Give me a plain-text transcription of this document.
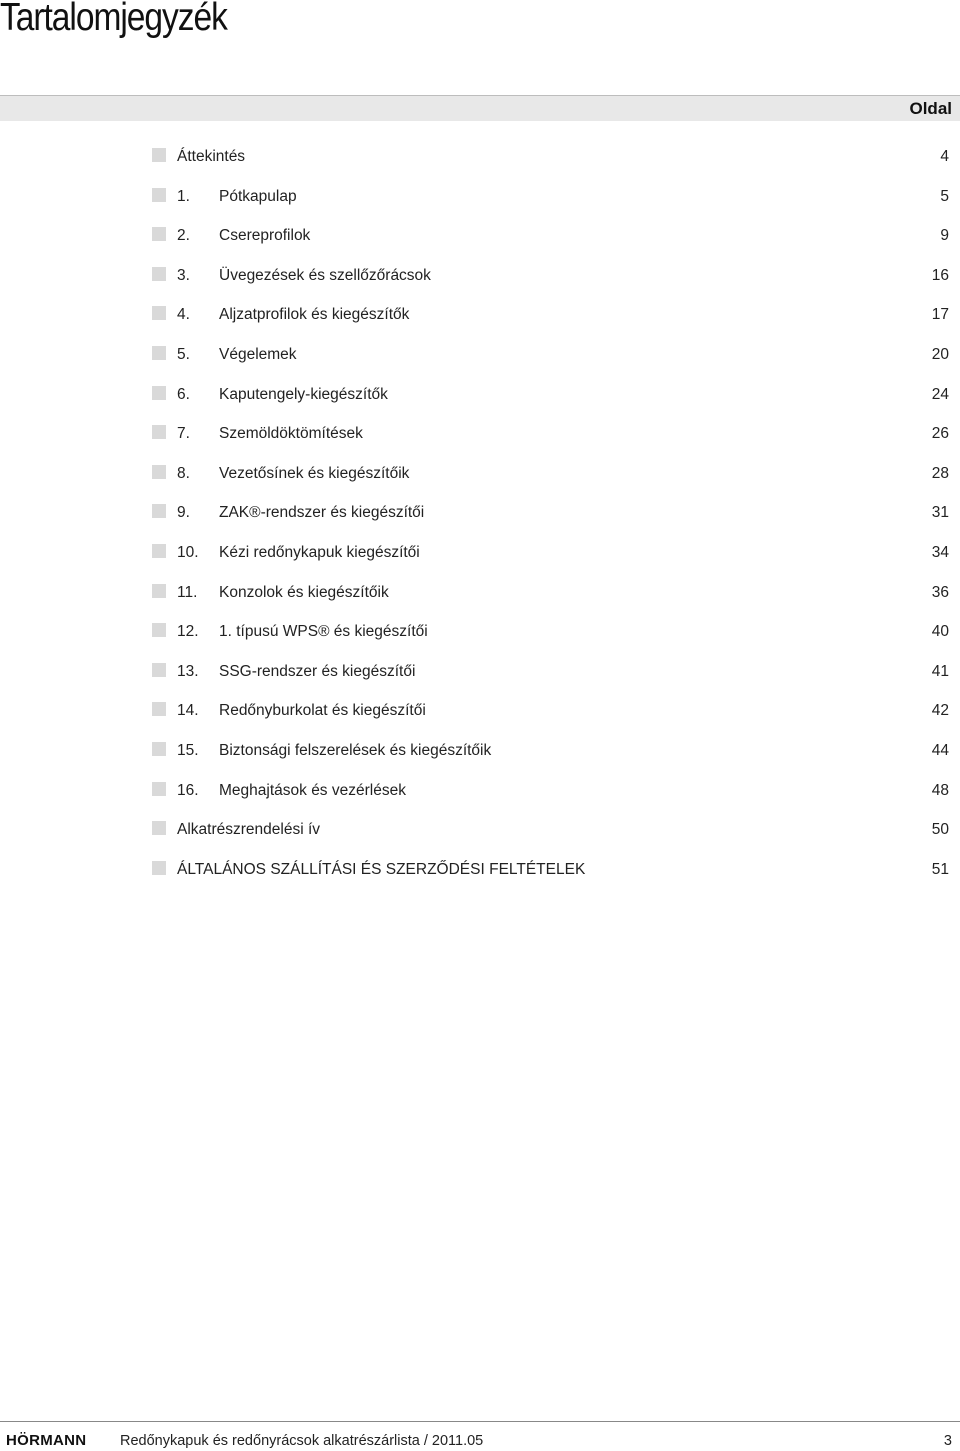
Tartalomjegyzék
Oldal
Áttekintés	4
1. Pótkapulap	5
2. Csereprofilok	9
3. Üvegezések és szellőzőrácsok	16
4. Aljzatprofilok és kiegészítők	17
5. Végelemek	20
6. Kaputengely-kiegészítők	24
7. Szemöldöktömítések	26
8. Vezetősínek és kiegészítőik	28
9. ZAK®-rendszer és kiegészítői	31
10. Kézi redőnykapuk kiegészítői	34
11. Konzolok és kiegészítőik	36
12. 1. típusú WPS® és kiegészítői	40
13. SSG-rendszer és kiegészítői	41
14. Redőnyburkolat és kiegészítői	42
15. Biztonsági felszerelések és kiegészítőik	44
16. Meghajtások és vezérlések	48
Alkatrészrendelési ív	50
ÁLTALÁNOS SZÁLLÍTÁSI ÉS SZERZŐDÉSI FELTÉTELEK	51
HÖRMANN Redőnykapuk és redőnyrácsok alkatrészárlista / 2011.05	3
